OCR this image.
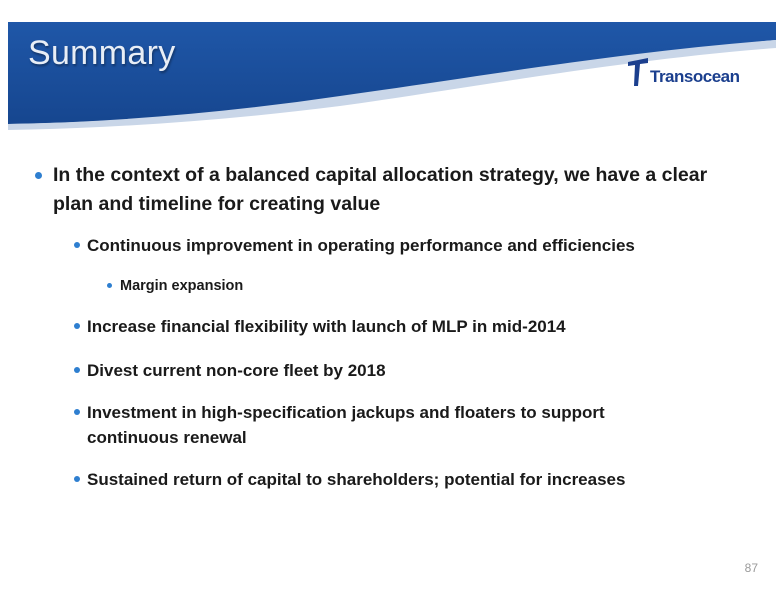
Summary
Transocean
In the context of a balanced capital allocation strategy, we have a clear plan and timeline for creating value
Continuous improvement in operating performance and efficiencies
Margin expansion
Increase financial flexibility with launch of MLP in mid-2014
Divest current non-core fleet by 2018
Investment in high-specification jackups and floaters to support continuous renewal
Sustained return of capital to shareholders; potential for increases
87
